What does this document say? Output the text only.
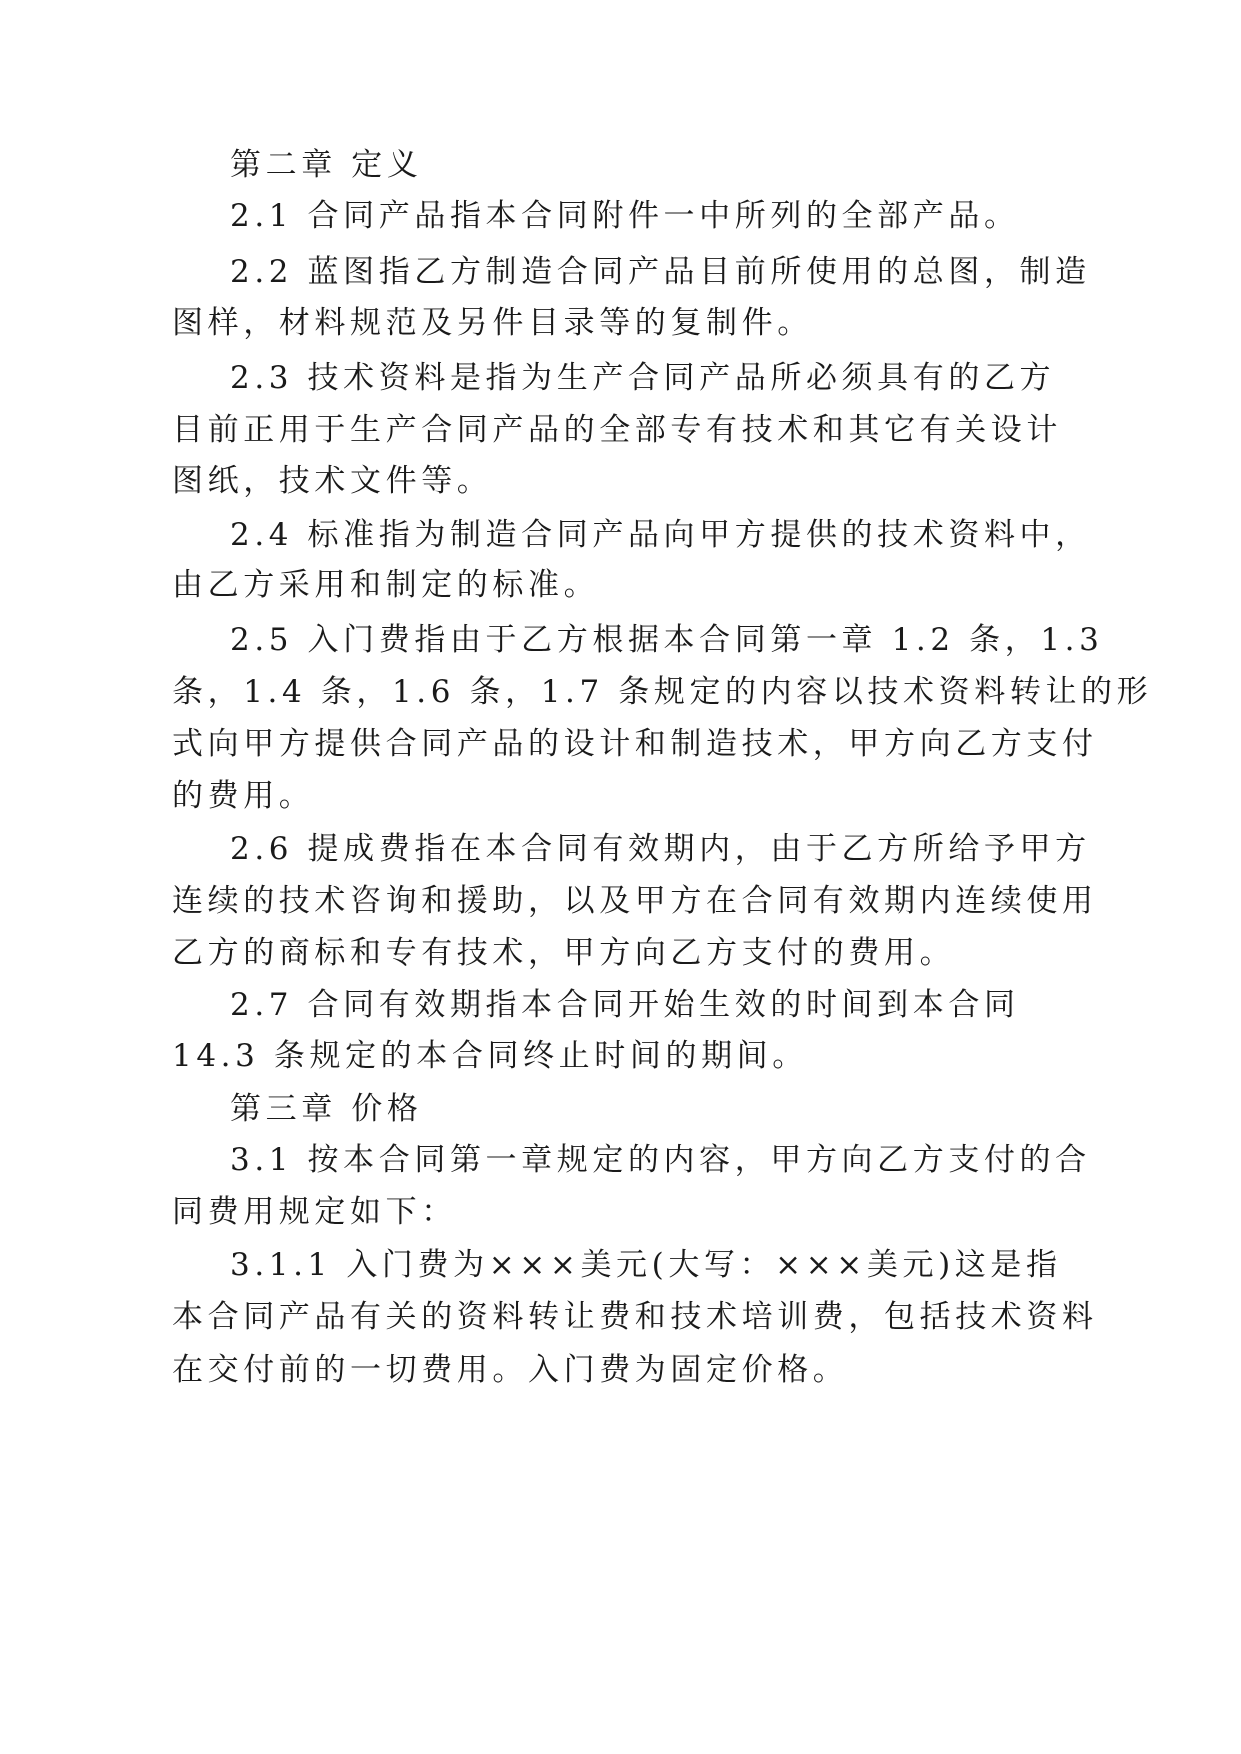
第二章 定义
2.1 合同产品指本合同附件一中所列的全部产品。
2.2 蓝图指乙方制造合同产品目前所使用的总图，制造
图样，材料规范及另件目录等的复制件。
2.3 技术资料是指为生产合同产品所必须具有的乙方
目前正用于生产合同产品的全部专有技术和其它有关设计
图纸，技术文件等。
2.4 标准指为制造合同产品向甲方提供的技术资料中，
由乙方采用和制定的标准。
2.5 入门费指由于乙方根据本合同第一章 1.2 条，1.3
条，1.4 条，1.6 条，1.7 条规定的内容以技术资料转让的形
式向甲方提供合同产品的设计和制造技术，甲方向乙方支付
的费用。
2.6 提成费指在本合同有效期内，由于乙方所给予甲方
连续的技术咨询和援助，以及甲方在合同有效期内连续使用
乙方的商标和专有技术，甲方向乙方支付的费用。
2.7 合同有效期指本合同开始生效的时间到本合同
14.3 条规定的本合同终止时间的期间。
第三章 价格
3.1 按本合同第一章规定的内容，甲方向乙方支付的合
同费用规定如下：
3.1.1 入门费为×××美元(大写：×××美元)这是指
本合同产品有关的资料转让费和技术培训费，包括技术资料
在交付前的一切费用。入门费为固定价格。
